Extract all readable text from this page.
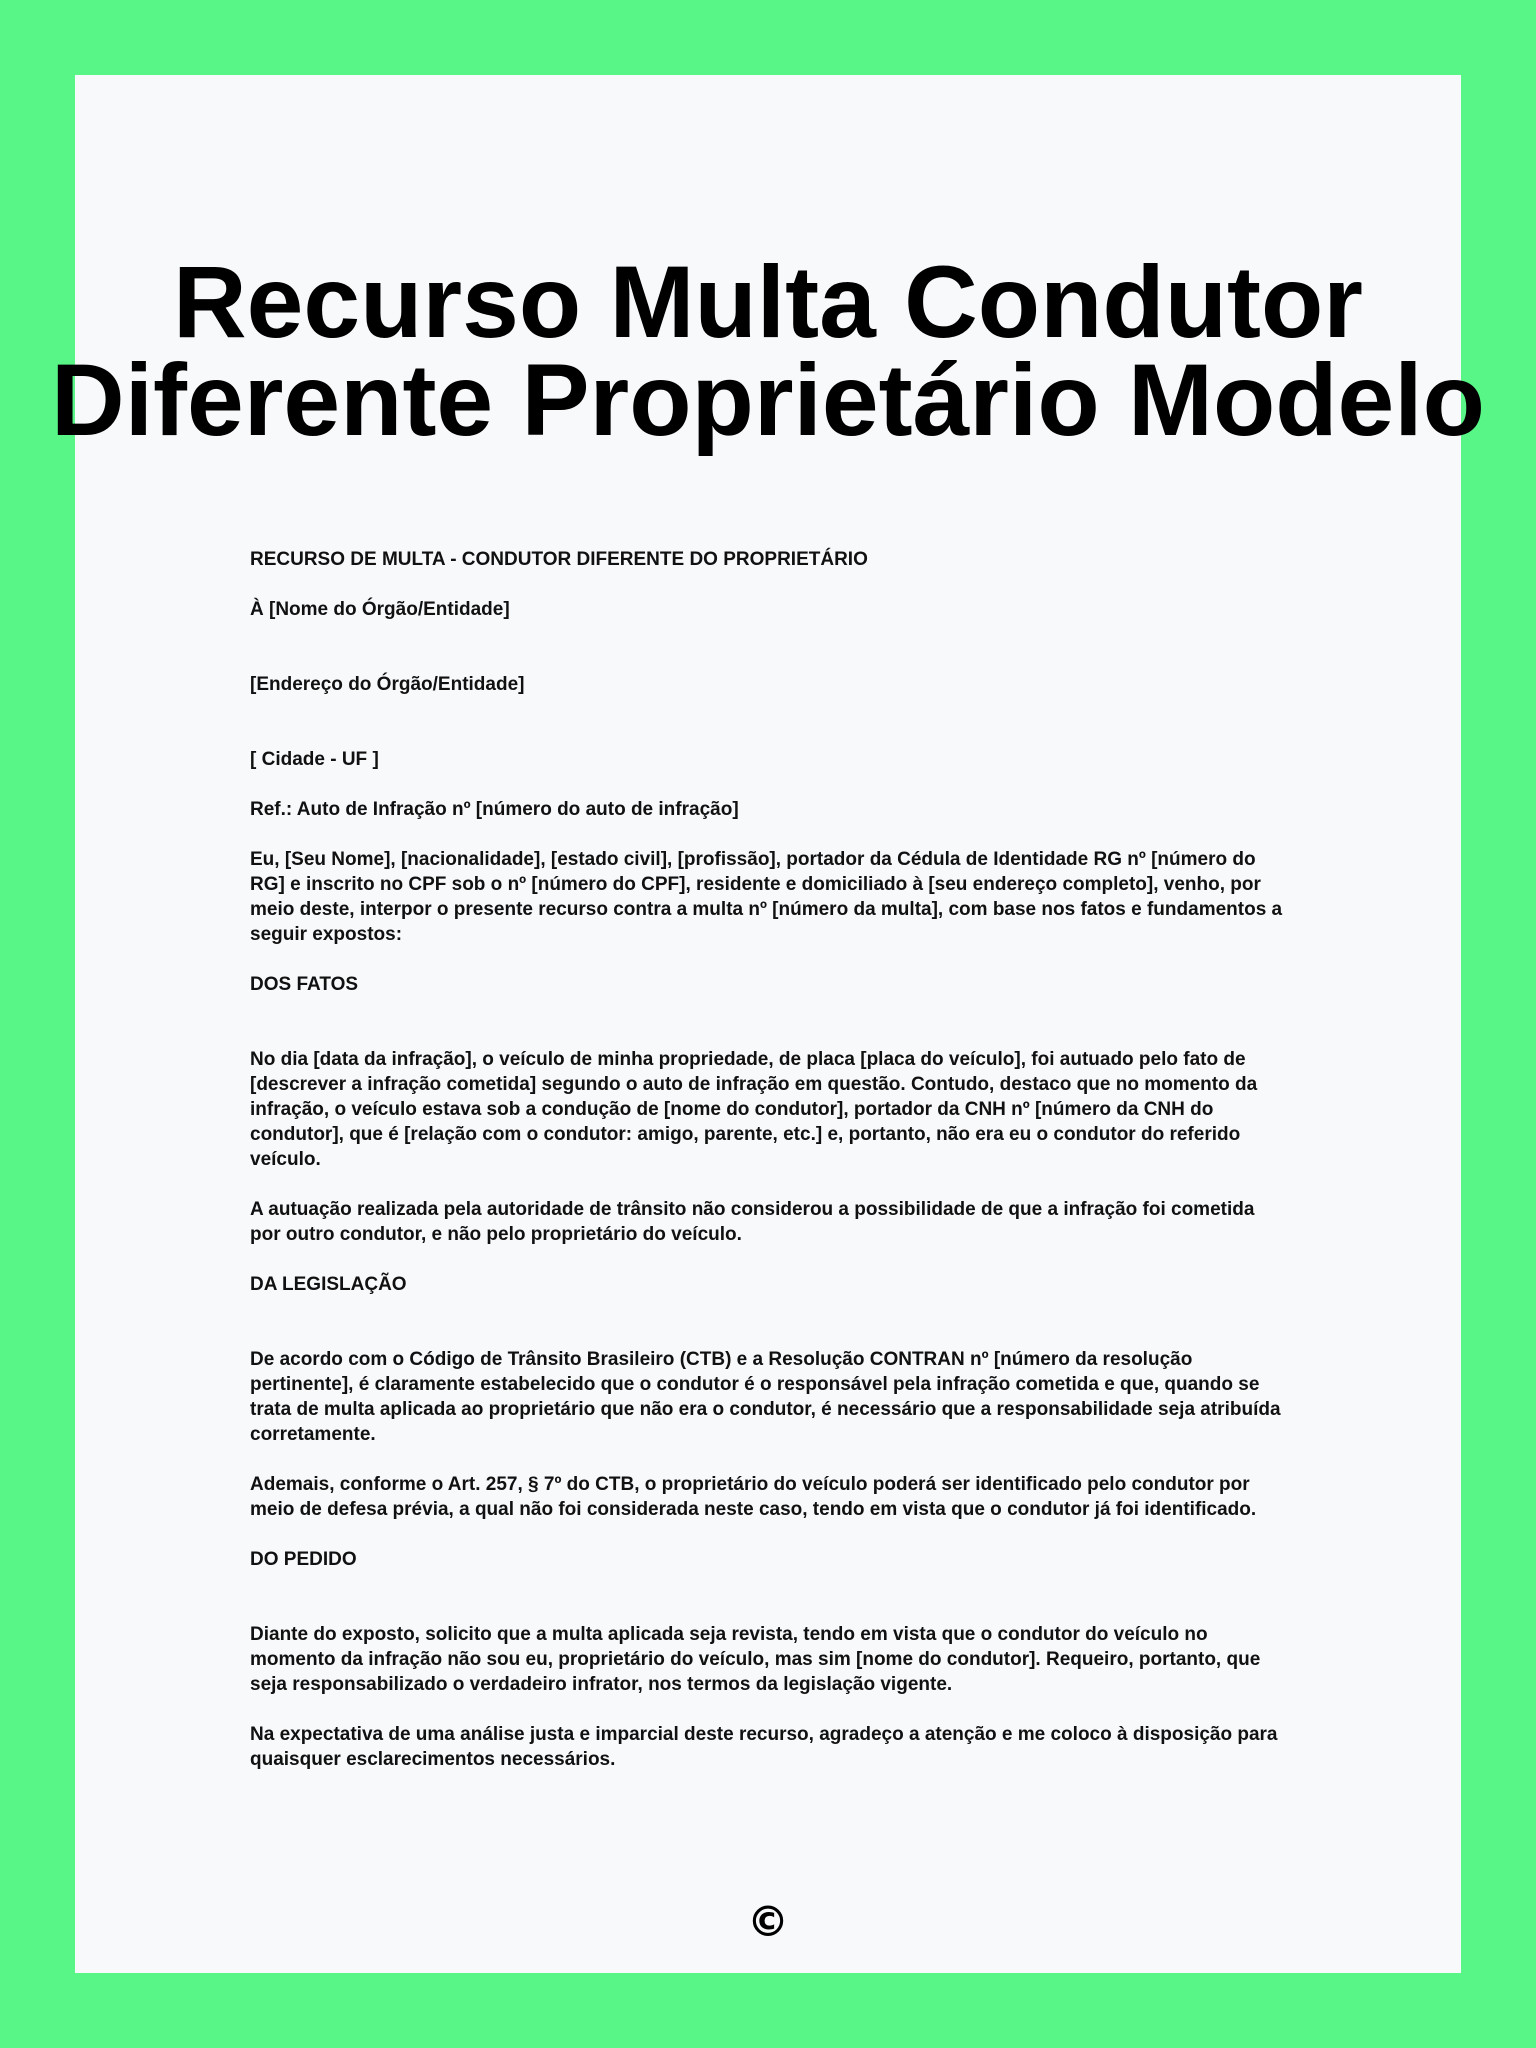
Recurso Multa Condutor
Diferente Proprietário Modelo

RECURSO DE MULTA - CONDUTOR DIFERENTE DO PROPRIETÁRIO

À [Nome do Órgão/Entidade]

[Endereço do Órgão/Entidade]

[ Cidade - UF ]

Ref.: Auto de Infração nº [número do auto de infração]

Eu, [Seu Nome], [nacionalidade], [estado civil], [profissão], portador da Cédula de Identidade RG nº [número do RG] e inscrito no CPF sob o nº [número do CPF], residente e domiciliado à [seu endereço completo], venho, por meio deste, interpor o presente recurso contra a multa nº [número da multa], com base nos fatos e fundamentos a seguir expostos:

DOS FATOS

No dia [data da infração], o veículo de minha propriedade, de placa [placa do veículo], foi autuado pelo fato de [descrever a infração cometida] segundo o auto de infração em questão. Contudo, destaco que no momento da infração, o veículo estava sob a condução de [nome do condutor], portador da CNH nº [número da CNH do condutor], que é [relação com o condutor: amigo, parente, etc.] e, portanto, não era eu o condutor do referido veículo.

A autuação realizada pela autoridade de trânsito não considerou a possibilidade de que a infração foi cometida por outro condutor, e não pelo proprietário do veículo.

DA LEGISLAÇÃO

De acordo com o Código de Trânsito Brasileiro (CTB) e a Resolução CONTRAN nº [número da resolução pertinente], é claramente estabelecido que o condutor é o responsável pela infração cometida e que, quando se trata de multa aplicada ao proprietário que não era o condutor, é necessário que a responsabilidade seja atribuída corretamente.

Ademais, conforme o Art. 257, § 7º do CTB, o proprietário do veículo poderá ser identificado pelo condutor por meio de defesa prévia, a qual não foi considerada neste caso, tendo em vista que o condutor já foi identificado.

DO PEDIDO

Diante do exposto, solicito que a multa aplicada seja revista, tendo em vista que o condutor do veículo no momento da infração não sou eu, proprietário do veículo, mas sim [nome do condutor]. Requeiro, portanto, que seja responsabilizado o verdadeiro infrator, nos termos da legislação vigente.

Na expectativa de uma análise justa e imparcial deste recurso, agradeço a atenção e me coloco à disposição para quaisquer esclarecimentos necessários.

©
